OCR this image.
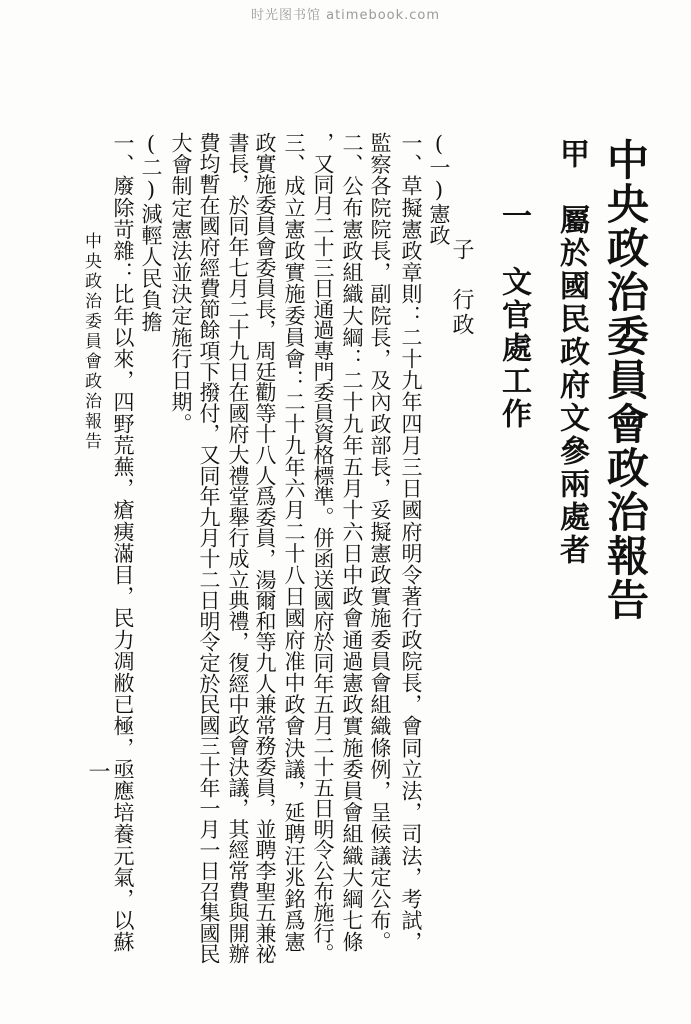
时光图书馆 atimebook.com
中央政治委員會政治報告
甲　屬於國民政府文參兩處者
一　文官處工作
子　行政
(一)憲政
一、草擬憲政章則：二十九年四月三日國府明令著行政院長，會同立法，司法，考試，
監察各院院長，副院長，及內政部長，妥擬憲政實施委員會組織條例，呈候議定公布。
二、公布憲政組織大綱：二十九年五月十六日中政會通過憲政實施委員會組織大綱七條
，又同月二十三日通過專門委員資格標準。併函送國府於同年五月二十五日明令公布施行。
三、成立憲政實施委員會：二十九年六月二十八日國府准中政會決議，延聘汪兆銘爲憲
政實施委員會委員長，周廷勸等十八人爲委員，湯爾和等九人兼常務委員，並聘李聖五兼祕
書長，於同年七月二十九日在國府大禮堂舉行成立典禮，復經中政會決議，其經常費與開辦
費均暫在國府經費節餘項下撥付，又同年九月十二日明令定於民國三十年一月一日召集國民
大會制定憲法並決定施行日期。
(二)減輕人民負擔
一、廢除苛雜：比年以來，四野荒蕪，瘡痍滿目，民力凋敝已極，亟應培養元氣，以蘇
中央政治委員會政治報告
一
